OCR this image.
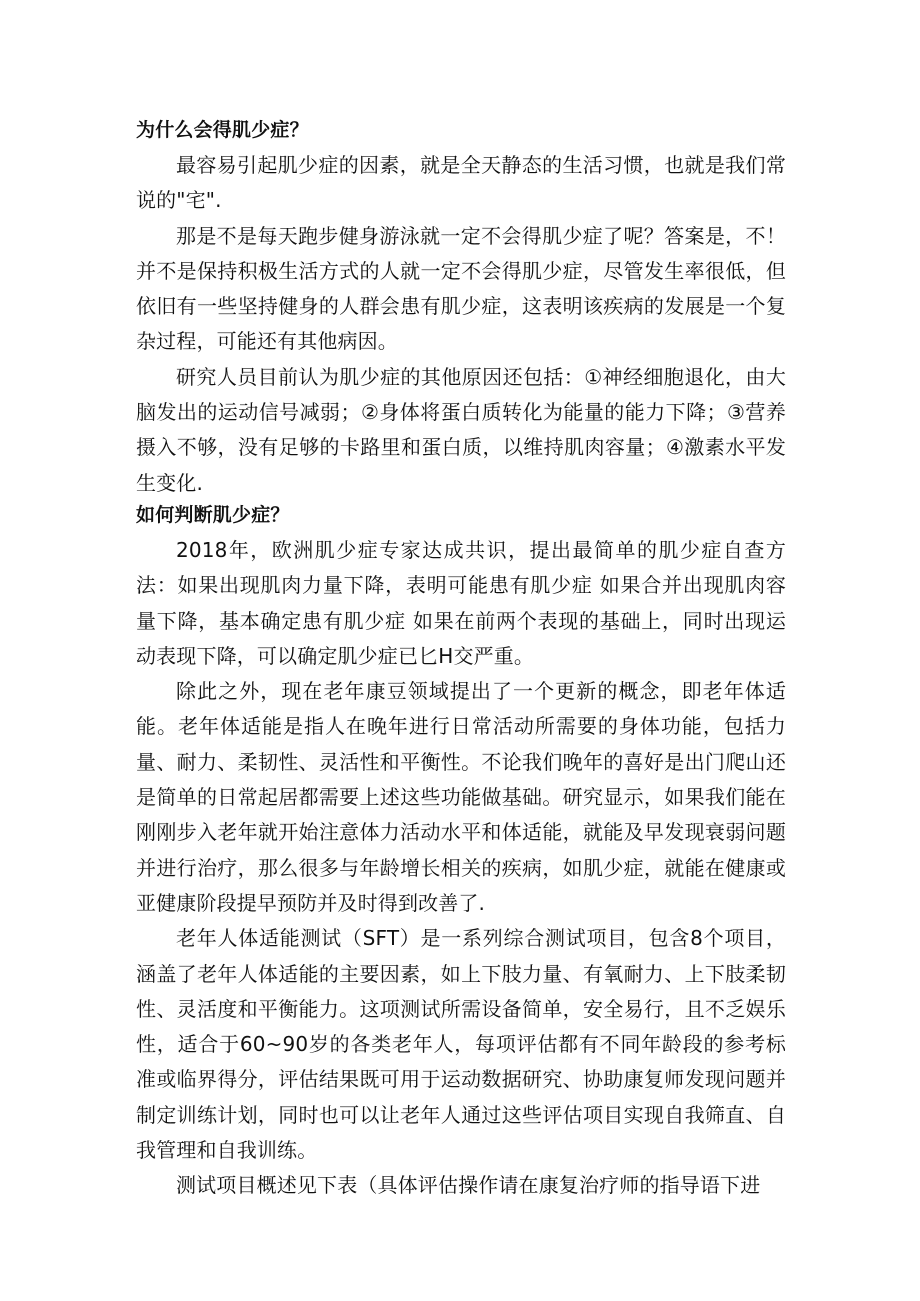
为什么会得肌少症？

最容易引起肌少症的因素，就是全天静态的生活习惯，也就是我们常说的"宅".

那是不是每天跑步健身游泳就一定不会得肌少症了呢？答案是，不！并不是保持积极生活方式的人就一定不会得肌少症，尽管发生率很低，但依旧有一些坚持健身的人群会患有肌少症，这表明该疾病的发展是一个复杂过程，可能还有其他病因。

研究人员目前认为肌少症的其他原因还包括：①神经细胞退化，由大脑发出的运动信号减弱；②身体将蛋白质转化为能量的能力下降；③营养摄入不够，没有足够的卡路里和蛋白质，以维持肌肉容量；④激素水平发生变化.

如何判断肌少症？

2018年，欧洲肌少症专家达成共识，提出最简单的肌少症自查方法：如果出现肌肉力量下降，表明可能患有肌少症 如果合并出现肌肉容量下降，基本确定患有肌少症 如果在前两个表现的基础上，同时出现运动表现下降，可以确定肌少症已匕H交严重。

除此之外，现在老年康豆领域提出了一个更新的概念，即老年体适能。老年体适能是指人在晚年进行日常活动所需要的身体功能，包括力量、耐力、柔韧性、灵活性和平衡性。不论我们晚年的喜好是出门爬山还是简单的日常起居都需要上述这些功能做基础。研究显示，如果我们能在刚刚步入老年就开始注意体力活动水平和体适能，就能及早发现衰弱问题并进行治疗，那么很多与年龄增长相关的疾病，如肌少症，就能在健康或亚健康阶段提早预防并及时得到改善了.

老年人体适能测试（SFT）是一系列综合测试项目，包含8个项目，涵盖了老年人体适能的主要因素，如上下肢力量、有氧耐力、上下肢柔韧性、灵活度和平衡能力。这项测试所需设备简单，安全易行，且不乏娱乐性，适合于60~90岁的各类老年人，每项评估都有不同年龄段的参考标准或临界得分，评估结果既可用于运动数据研究、协助康复师发现问题并制定训练计划，同时也可以让老年人通过这些评估项目实现自我筛直、自我管理和自我训练。

测试项目概述见下表（具体评估操作请在康复治疗师的指导语下进
